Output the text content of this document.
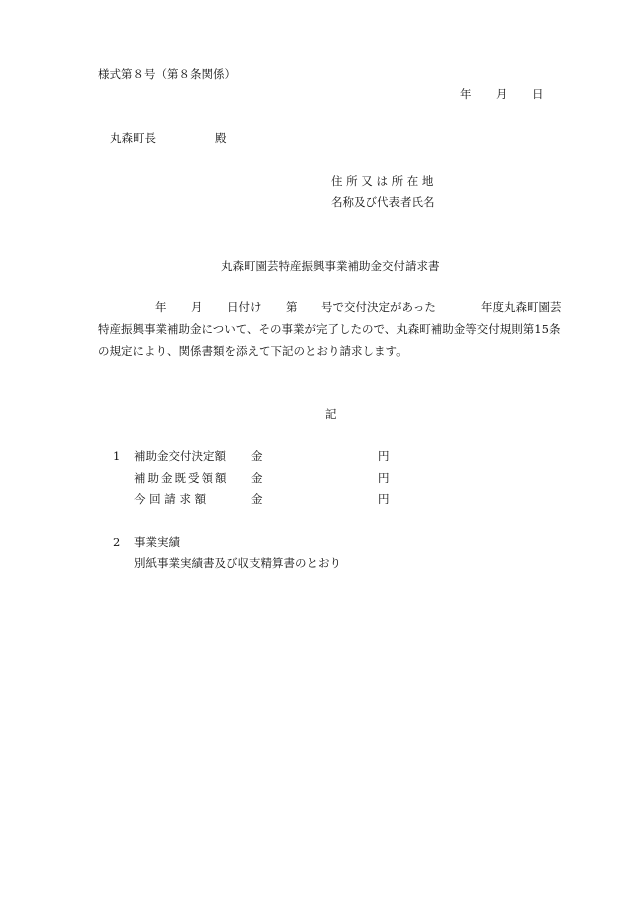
様式第８号（第８条関係）
年 月 日
丸森町長	殿
住 所 又 は 所 在 地
名称及び代表者氏名
丸森町園芸特産振興事業補助金交付請求書
年 月 日付け 第 号で交付決定があった	年度丸森町園芸
特産振興事業補助金について、その事業が完了したので、丸森町補助金等交付規則第15条
の規定により、関係書類を添えて下記のとおり請求します。
記
1 補助金交付決定額 金	円
補助金既受領額 金	円
今 回 請 求 額	金	円
2 事業実績
別紙事業実績書及び収支精算書のとおり
